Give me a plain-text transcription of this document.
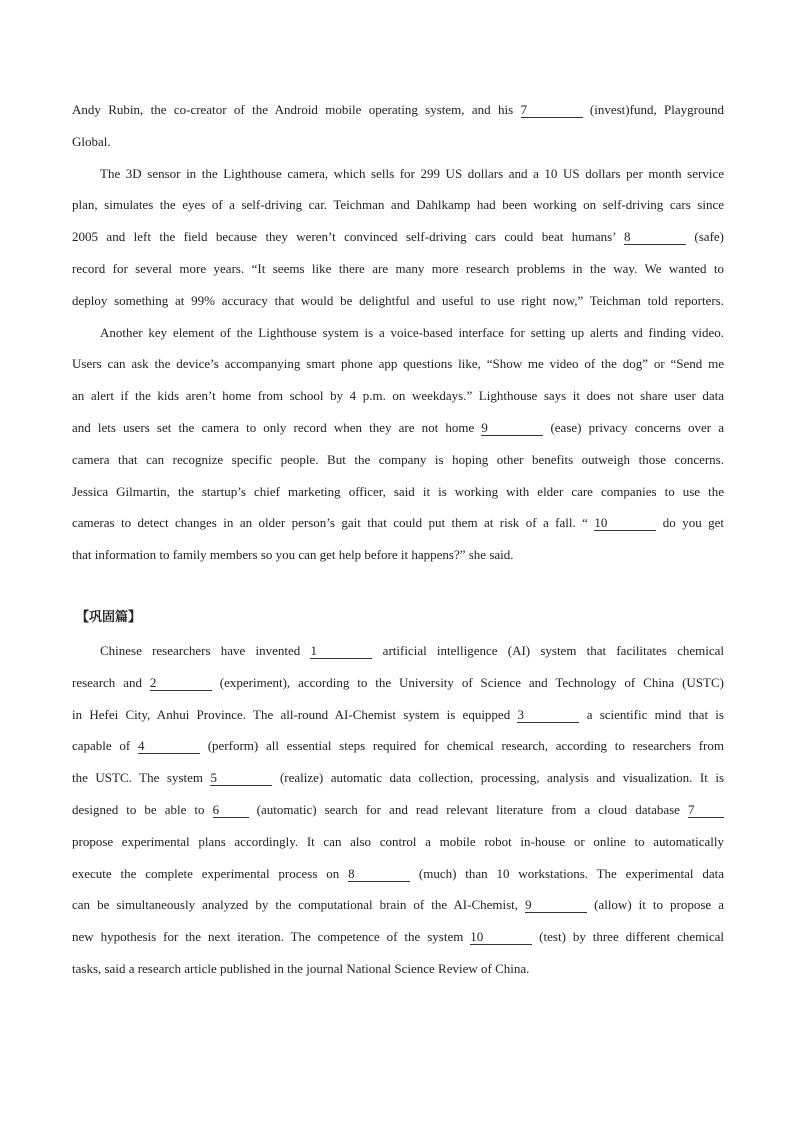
Andy Rubin, the co-creator of the Android mobile operating system, and his 7	(invest)fund, Playground
Global.
The 3D sensor in the Lighthouse camera, which sells for 299 US dollars and a 10 US dollars per month service
plan, simulates the eyes of a self-driving car. Teichman and Dahlkamp had been working on self-driving cars since
2005 and left the field because they weren’t convinced self-driving cars could beat humans’ 8	(safe)
record for several more years. “It seems like there are many more research problems in the way. We wanted to
deploy something at 99% accuracy that would be delightful and useful to use right now,” Teichman told reporters.
Another key element of the Lighthouse system is a voice-based interface for setting up alerts and finding video.
Users can ask the device’s accompanying smart phone app questions like, “Show me video of the dog” or “Send me
an alert if the kids aren’t home from school by 4 p.m. on weekdays.” Lighthouse says it does not share user data
and lets users set the camera to only record when they are not home 9	(ease) privacy concerns over a
camera that can recognize specific people. But the company is hoping other benefits outweigh those concerns.
Jessica Gilmartin, the startup’s chief marketing officer, said it is working with elder care companies to use the
cameras to detect changes in an older person’s gait that could put them at risk of a fall. “ 10	do you get
that information to family members so you can get help before it happens?” she said.

【巩固篇】

Chinese researchers have invented 1	artificial intelligence (AI) system that facilitates chemical
research and 2	(experiment), according to the University of Science and Technology of China (USTC)
in Hefei City, Anhui Province. The all-round AI-Chemist system is equipped 3	a scientific mind that is
capable of 4	(perform) all essential steps required for chemical research, according to researchers from
the USTC. The system 5	(realize) automatic data collection, processing, analysis and visualization. It is
designed to be able to 6 (automatic) search for and read relevant literature from a cloud database 7
propose experimental plans accordingly. It can also control a mobile robot in-house or online to automatically
execute the complete experimental process on 8	(much) than 10 workstations. The experimental data
can be simultaneously analyzed by the computational brain of the AI-Chemist, 9	(allow) it to propose a
new hypothesis for the next iteration. The competence of the system 10	(test) by three different chemical
tasks, said a research article published in the journal National Science Review of China.
